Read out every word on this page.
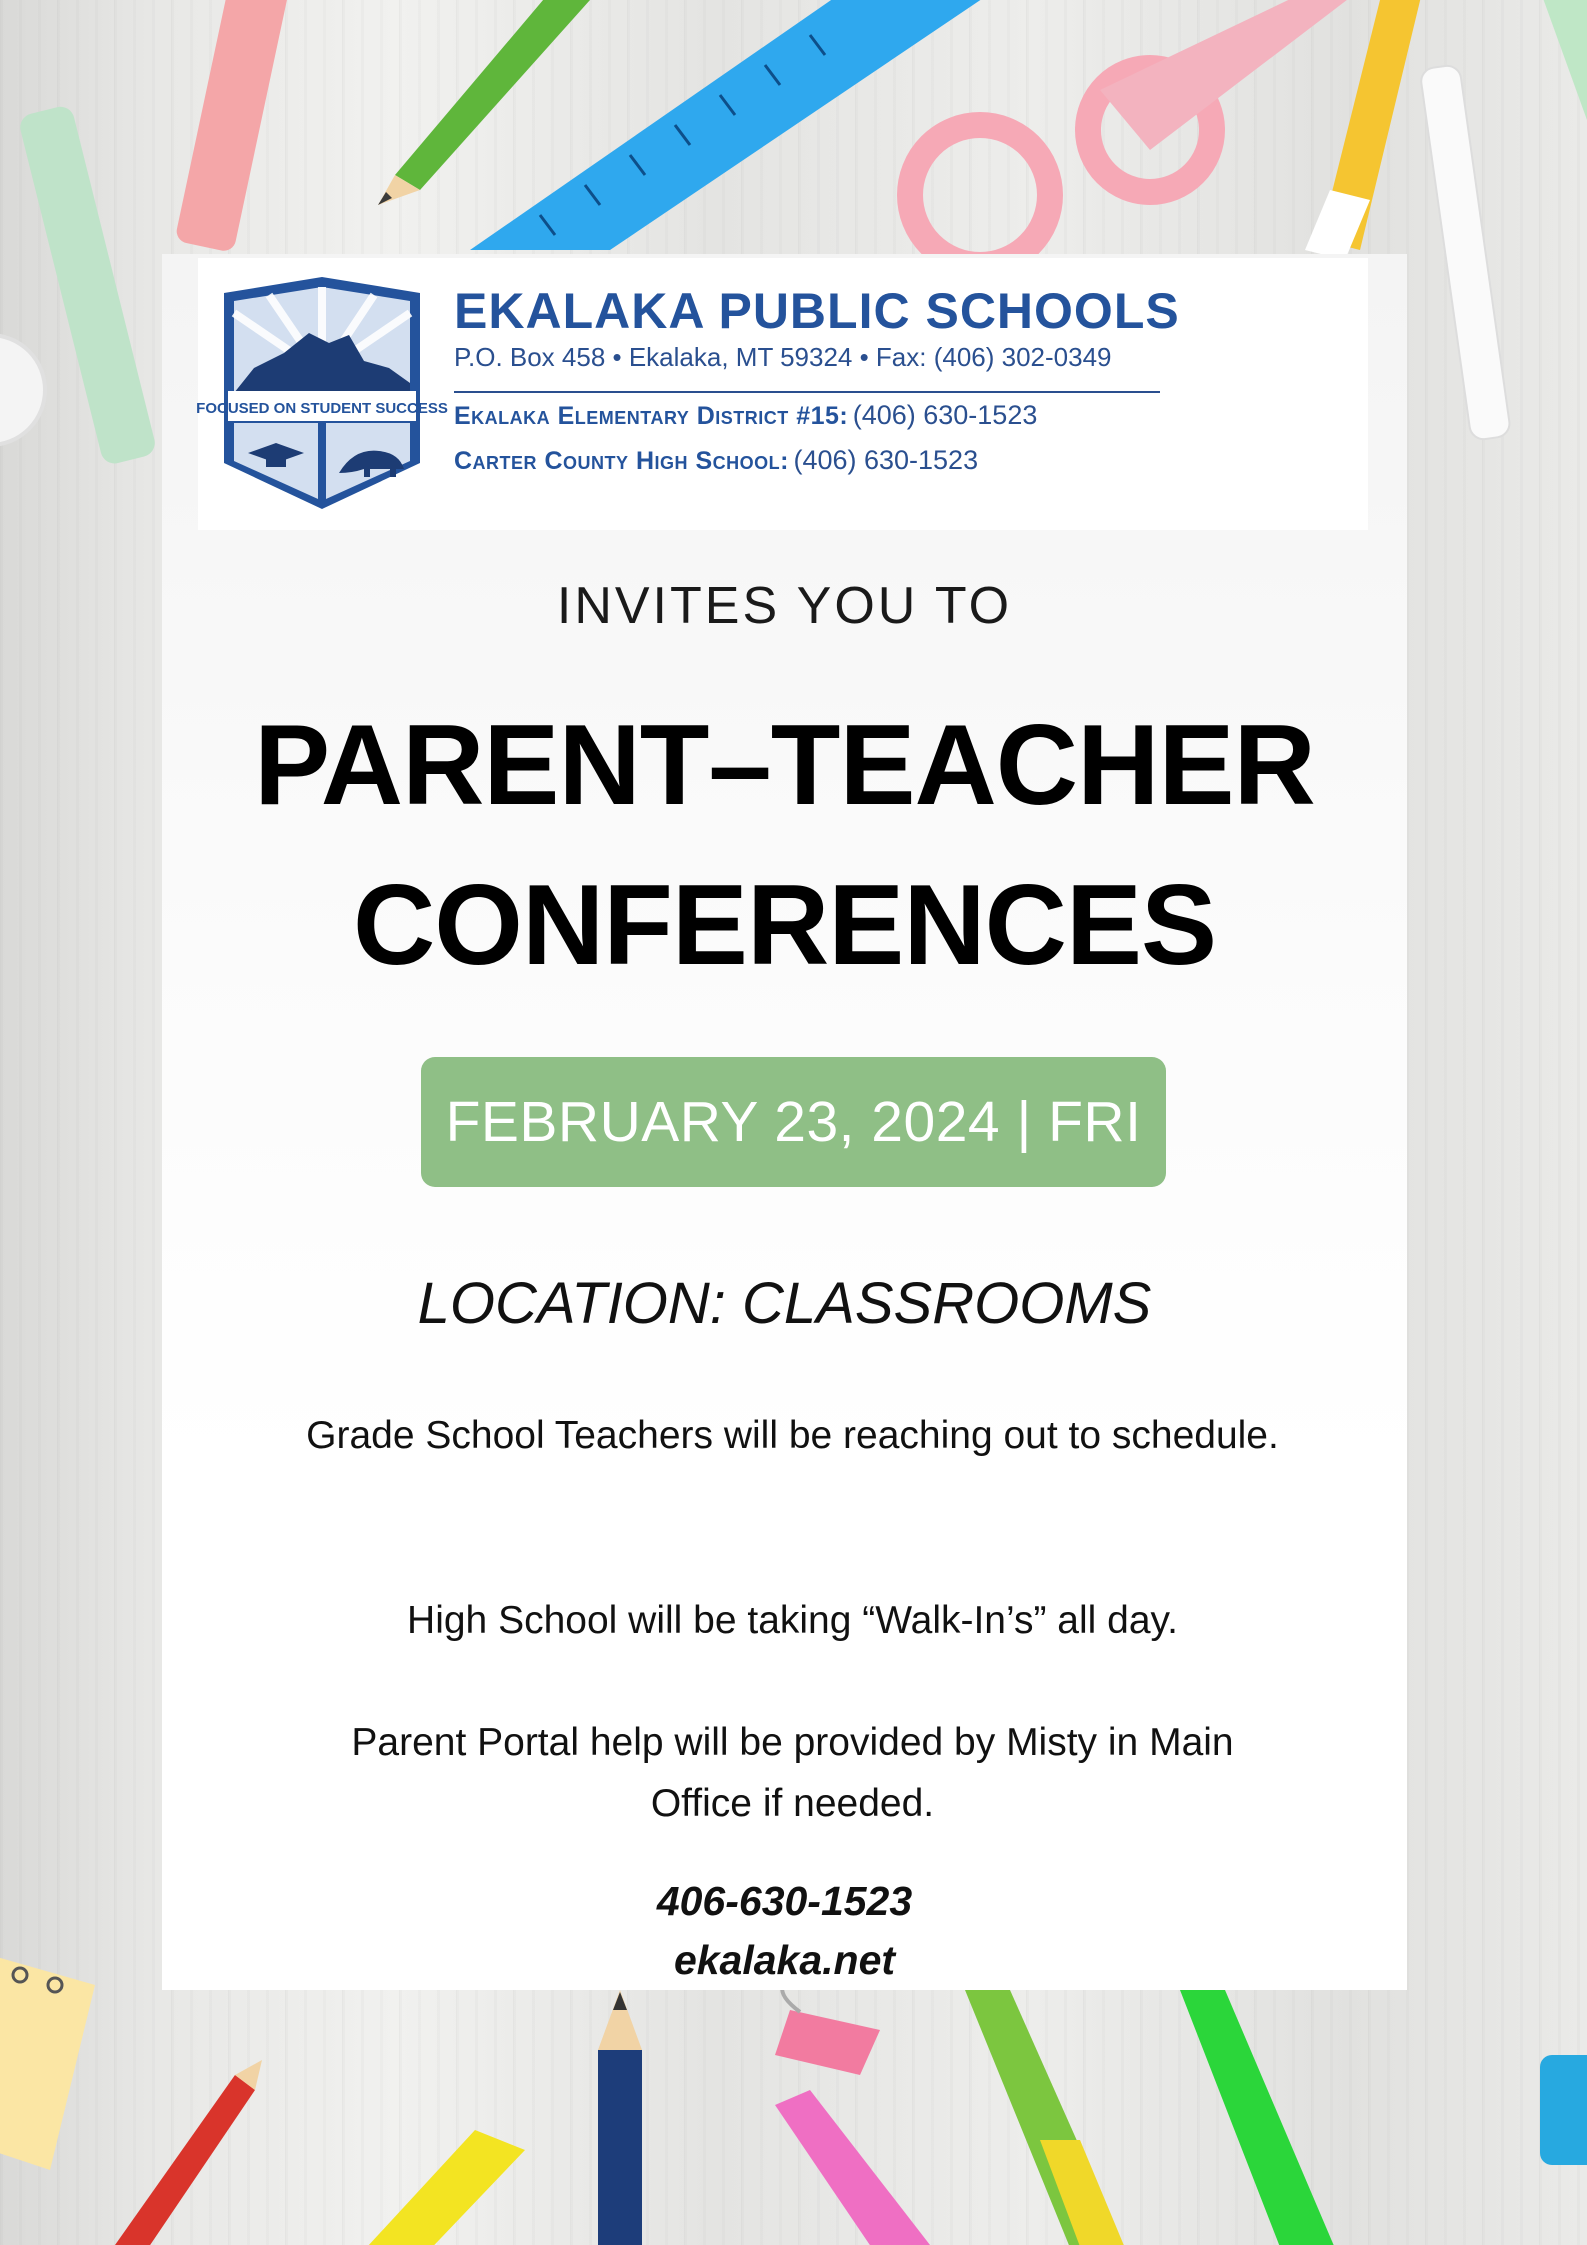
FOCUSED ON STUDENT SUCCESS
EKALAKA PUBLIC SCHOOLS
P.O. Box 458 • Ekalaka, MT 59324 • Fax: (406) 302-0349
Ekalaka Elementary District #15: (406) 630-1523
Carter County High School: (406) 630-1523
INVITES YOU TO
PARENT–TEACHER
CONFERENCES
FEBRUARY 23, 2024 | FRI
LOCATION: CLASSROOMS
Grade School Teachers will be reaching out to schedule.
High School will be taking “Walk-In’s” all day.
Parent Portal help will be provided by Misty in Main Office if needed.
406-630-1523
ekalaka.net
